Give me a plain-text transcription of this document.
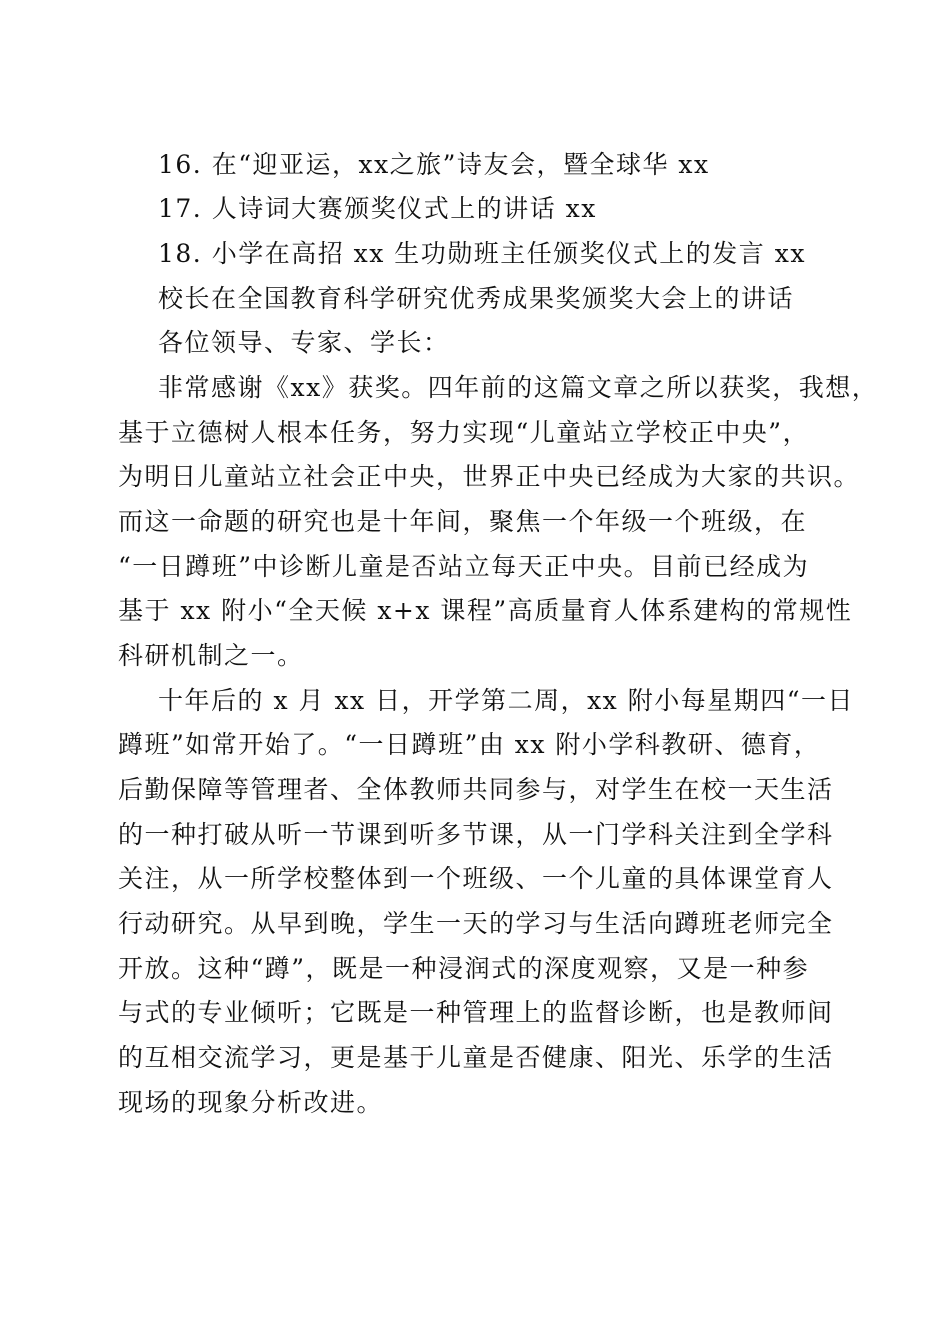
16. 在“迎亚运，xx之旅”诗友会，暨全球华 xx
17. 人诗词大赛颁奖仪式上的讲话 xx
18. 小学在高招 xx 生功勋班主任颁奖仪式上的发言 xx
校长在全国教育科学研究优秀成果奖颁奖大会上的讲话
各位领导、专家、学长：
非常感谢《xx》获奖。四年前的这篇文章之所以获奖，我想，
基于立德树人根本任务，努力实现“儿童站立学校正中央”，
为明日儿童站立社会正中央，世界正中央已经成为大家的共识。
而这一命题的研究也是十年间，聚焦一个年级一个班级，在
“一日蹲班”中诊断儿童是否站立每天正中央。目前已经成为
基于 xx 附小“全天候 x+x 课程”高质量育人体系建构的常规性
科研机制之一。
十年后的 x 月 xx 日，开学第二周，xx 附小每星期四“一日
蹲班”如常开始了。“一日蹲班”由 xx 附小学科教研、德育，
后勤保障等管理者、全体教师共同参与，对学生在校一天生活
的一种打破从听一节课到听多节课，从一门学科关注到全学科
关注，从一所学校整体到一个班级、一个儿童的具体课堂育人
行动研究。从早到晚，学生一天的学习与生活向蹲班老师完全
开放。这种“蹲”，既是一种浸润式的深度观察，又是一种参
与式的专业倾听；它既是一种管理上的监督诊断，也是教师间
的互相交流学习，更是基于儿童是否健康、阳光、乐学的生活
现场的现象分析改进。
